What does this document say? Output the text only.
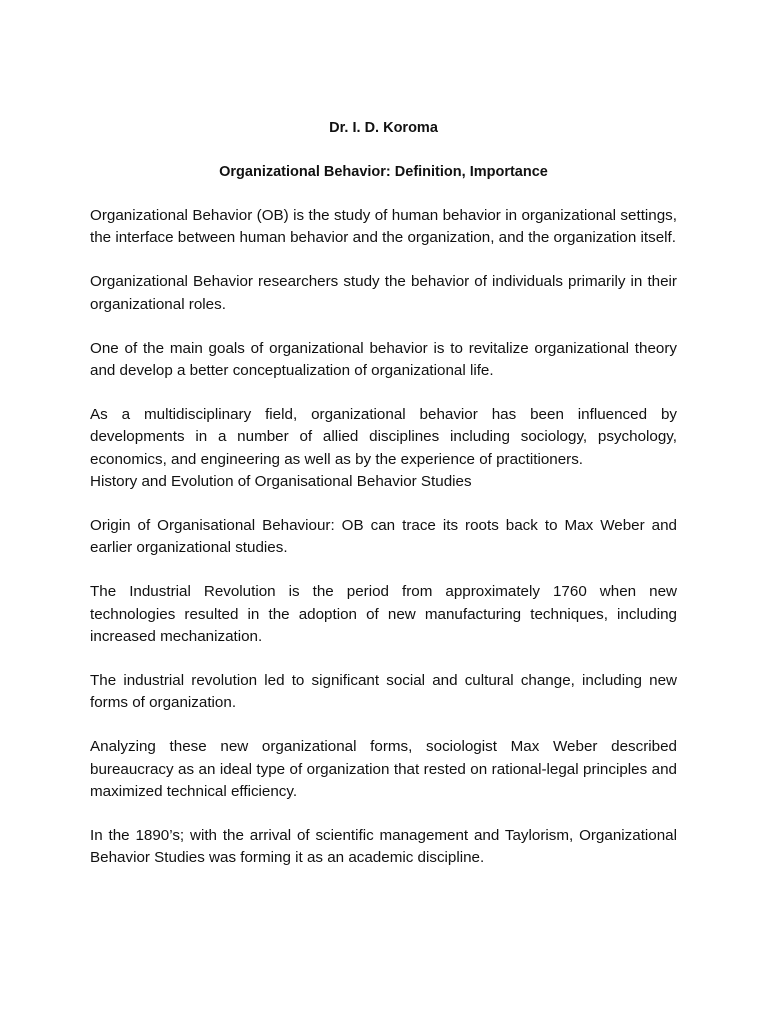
Dr. I. D. Koroma

Organizational Behavior: Definition, Importance

Organizational Behavior (OB) is the study of human behavior in organizational settings, the interface between human behavior and the organization, and the organization itself.

Organizational Behavior researchers study the behavior of individuals primarily in their organizational roles.

One of the main goals of organizational behavior is to revitalize organizational theory and develop a better conceptualization of organizational life.

As a multidisciplinary field, organizational behavior has been influenced by developments in a number of allied disciplines including sociology, psychology, economics, and engineering as well as by the experience of practitioners.

History and Evolution of Organisational Behavior Studies

Origin of Organisational Behaviour: OB can trace its roots back to Max Weber and earlier organizational studies.

The Industrial Revolution is the period from approximately 1760 when new technologies resulted in the adoption of new manufacturing techniques, including increased mechanization.

The industrial revolution led to significant social and cultural change, including new forms of organization.

Analyzing these new organizational forms, sociologist Max Weber described bureaucracy as an ideal type of organization that rested on rational-legal principles and maximized technical efficiency.

In the 1890’s; with the arrival of scientific management and Taylorism, Organizational Behavior Studies was forming it as an academic discipline.
